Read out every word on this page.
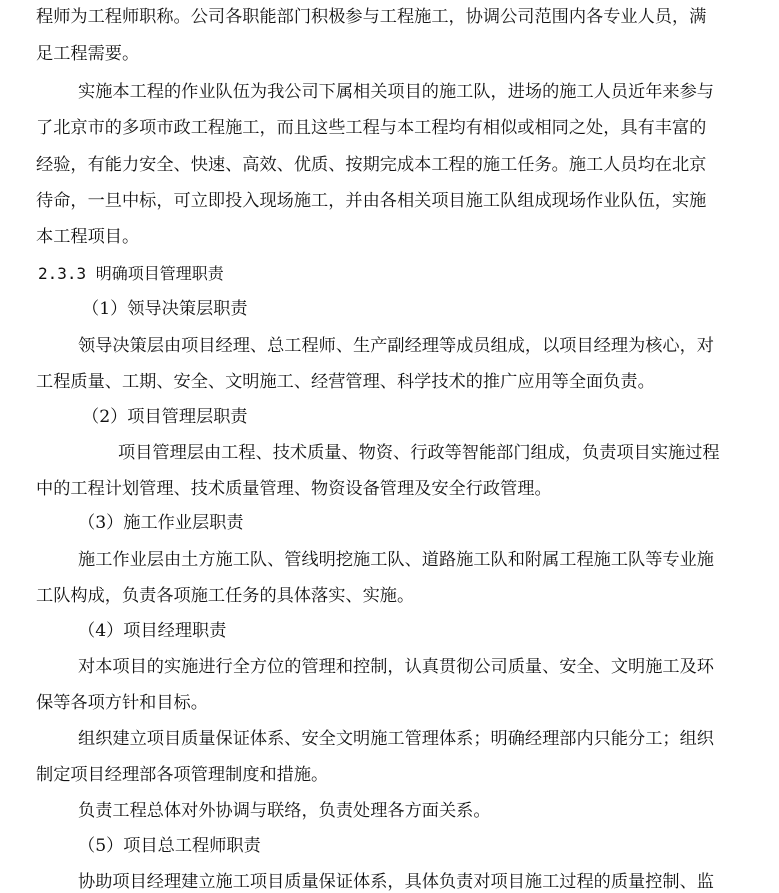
程师为工程师职称。公司各职能部门积极参与工程施工，协调公司范围内各专业人员，满
足工程需要。
实施本工程的作业队伍为我公司下属相关项目的施工队，进场的施工人员近年来参与
了北京市的多项市政工程施工，而且这些工程与本工程均有相似或相同之处，具有丰富的
经验，有能力安全、快速、高效、优质、按期完成本工程的施工任务。施工人员均在北京
待命，一旦中标，可立即投入现场施工，并由各相关项目施工队组成现场作业队伍，实施
本工程项目。
2.3.3 明确项目管理职责
（1）领导决策层职责
领导决策层由项目经理、总工程师、生产副经理等成员组成，以项目经理为核心，对
工程质量、工期、安全、文明施工、经营管理、科学技术的推广应用等全面负责。
（2）项目管理层职责
项目管理层由工程、技术质量、物资、行政等智能部门组成，负责项目实施过程
中的工程计划管理、技术质量管理、物资设备管理及安全行政管理。
（3）施工作业层职责
施工作业层由土方施工队、管线明挖施工队、道路施工队和附属工程施工队等专业施
工队构成，负责各项施工任务的具体落实、实施。
（4）项目经理职责
对本项目的实施进行全方位的管理和控制，认真贯彻公司质量、安全、文明施工及环
保等各项方针和目标。
组织建立项目质量保证体系、安全文明施工管理体系；明确经理部内只能分工；组织
制定项目经理部各项管理制度和措施。
负责工程总体对外协调与联络，负责处理各方面关系。
（5）项目总工程师职责
协助项目经理建立施工项目质量保证体系，具体负责对项目施工过程的质量控制、监
